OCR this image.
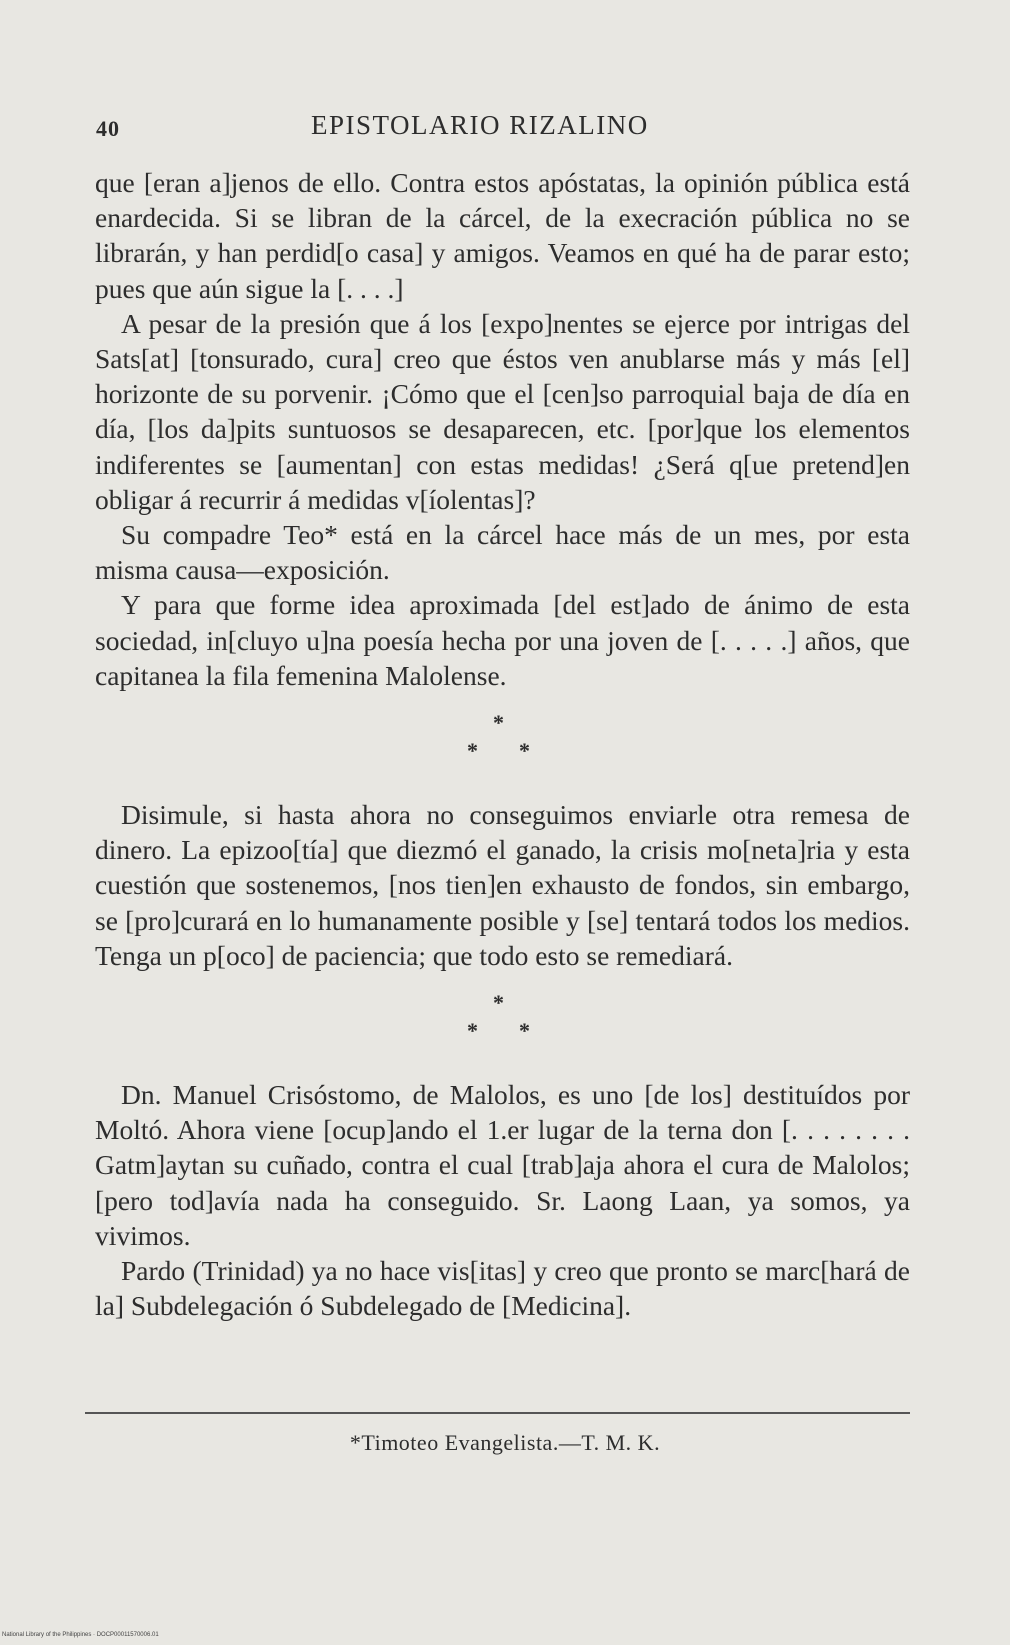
40	EPISTOLARIO RIZALINO

que [eran a]jenos de ello. Contra estos apóstatas, la opinión pública está enardecida. Si se libran de la cárcel, de la execración pública no se librarán, y han perdid[o casa] y amigos. Veamos en qué ha de parar esto; pues que aún sigue la [. . . .]

A pesar de la presión que á los [expo]nentes se ejerce por intrigas del Sats[at] [tonsurado, cura] creo que éstos ven anublarse más y más [el] horizonte de su porvenir. ¡Cómo que el [cen]so parroquial baja de día en día, [los da]pits suntuosos se desaparecen, etc. [por]que los elementos indiferentes se [aumentan] con estas medidas! ¿Será q[ue pretend]en obligar á recurrir á medidas v[íolentas]?

Su compadre Teo* está en la cárcel hace más de un mes, por esta misma causa—exposición.

Y para que forme idea aproximada [del est]ado de ánimo de esta sociedad, in[cluyo u]na poesía hecha por una joven de [. . . . .] años, que capitanea la fila femenina Malolense.

*
* *

Disimule, si hasta ahora no conseguimos enviarle otra remesa de dinero. La epizoo[tía] que diezmó el ganado, la crisis mo[neta]ria y esta cuestión que sostenemos, [nos tien]en exhausto de fondos, sin embargo, se [pro]curará en lo humanamente posible y [se] tentará todos los medios. Tenga un p[oco] de paciencia; que todo esto se remediará.

*
* *

Dn. Manuel Crisóstomo, de Malolos, es uno [de los] destituídos por Moltó. Ahora viene [ocup]ando el 1.er lugar de la terna don [. . . . . . . . Gatm]aytan su cuñado, contra el cual [trab]aja ahora el cura de Malolos; [pero tod]avía nada ha conseguido. Sr. Laong Laan, ya somos, ya vivimos.

Pardo (Trinidad) ya no hace vis[itas] y creo que pronto se marc[hará de la] Subdelegación ó Subdelegado de [Medicina].

*Timoteo Evangelista.—T. M. K.
National Library of the Philippines · DOCP00011570006.01
